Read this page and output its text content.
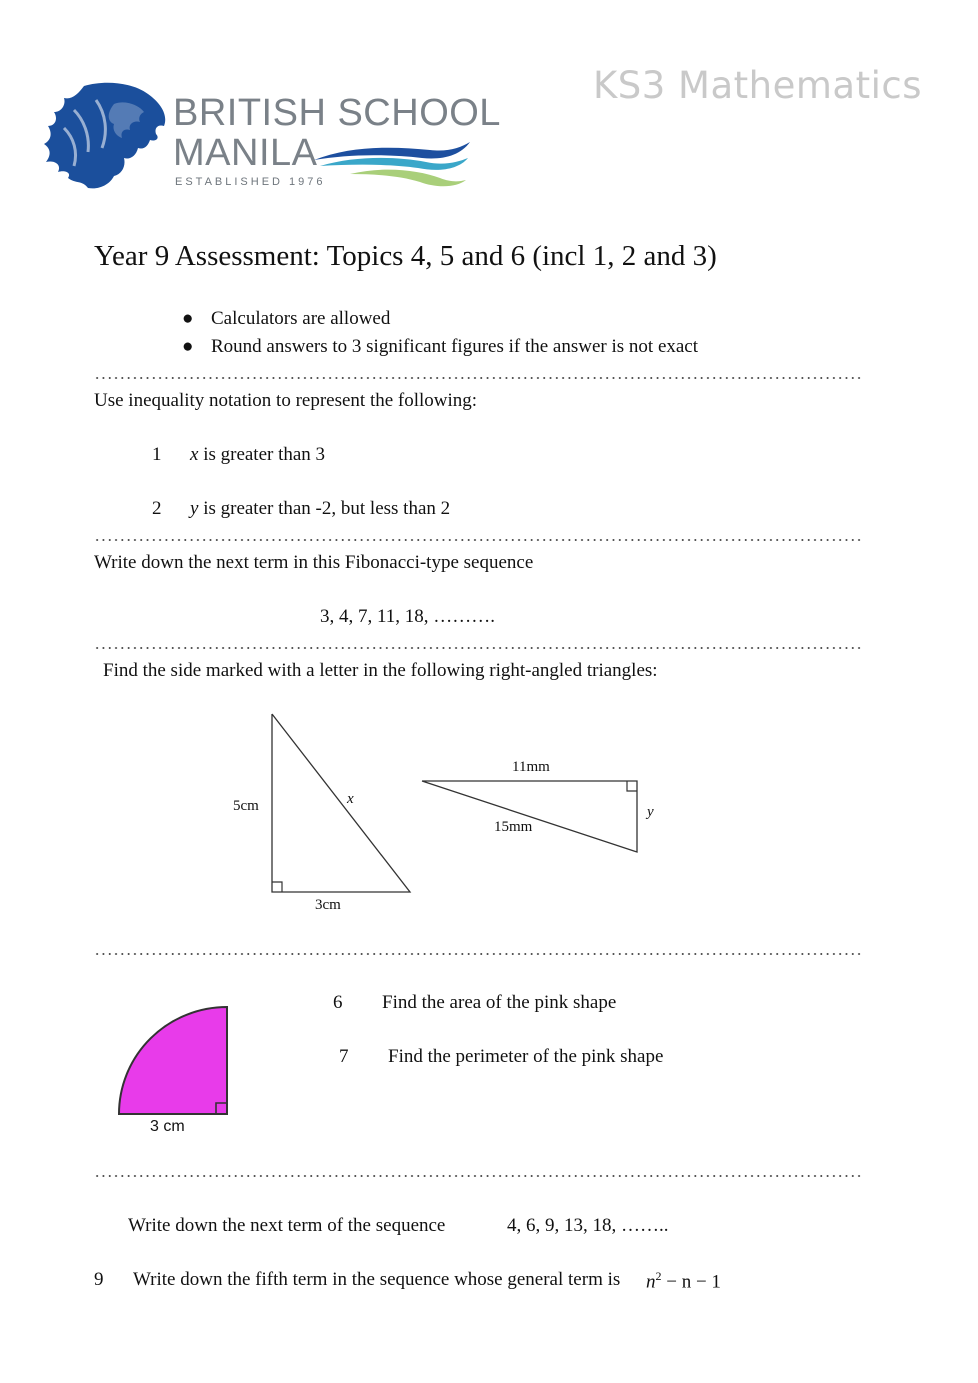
BRITISH SCHOOL
MANILA
ESTABLISHED 1976
KS3 Mathematics
Year 9 Assessment: Topics 4, 5 and 6 (incl 1, 2 and 3)
● Calculators are allowed
● Round answers to 3 significant figures if the answer is not exact
Use inequality notation to represent the following:
1 x is greater than 3
2 y is greater than -2, but less than 2
Write down the next term in this Fibonacci-type sequence
3, 4, 7, 11, 18, ……….
Find the side marked with a letter in the following right-angled triangles:
5cm
3cm
x
11mm
15mm
y
3 cm
6 Find the area of the pink shape
7 Find the perimeter of the pink shape
Write down the next term of the sequence	4, 6, 9, 13, 18, ……..
9 Write down the fifth term in the sequence whose general term is $n^2 - n - 1$
